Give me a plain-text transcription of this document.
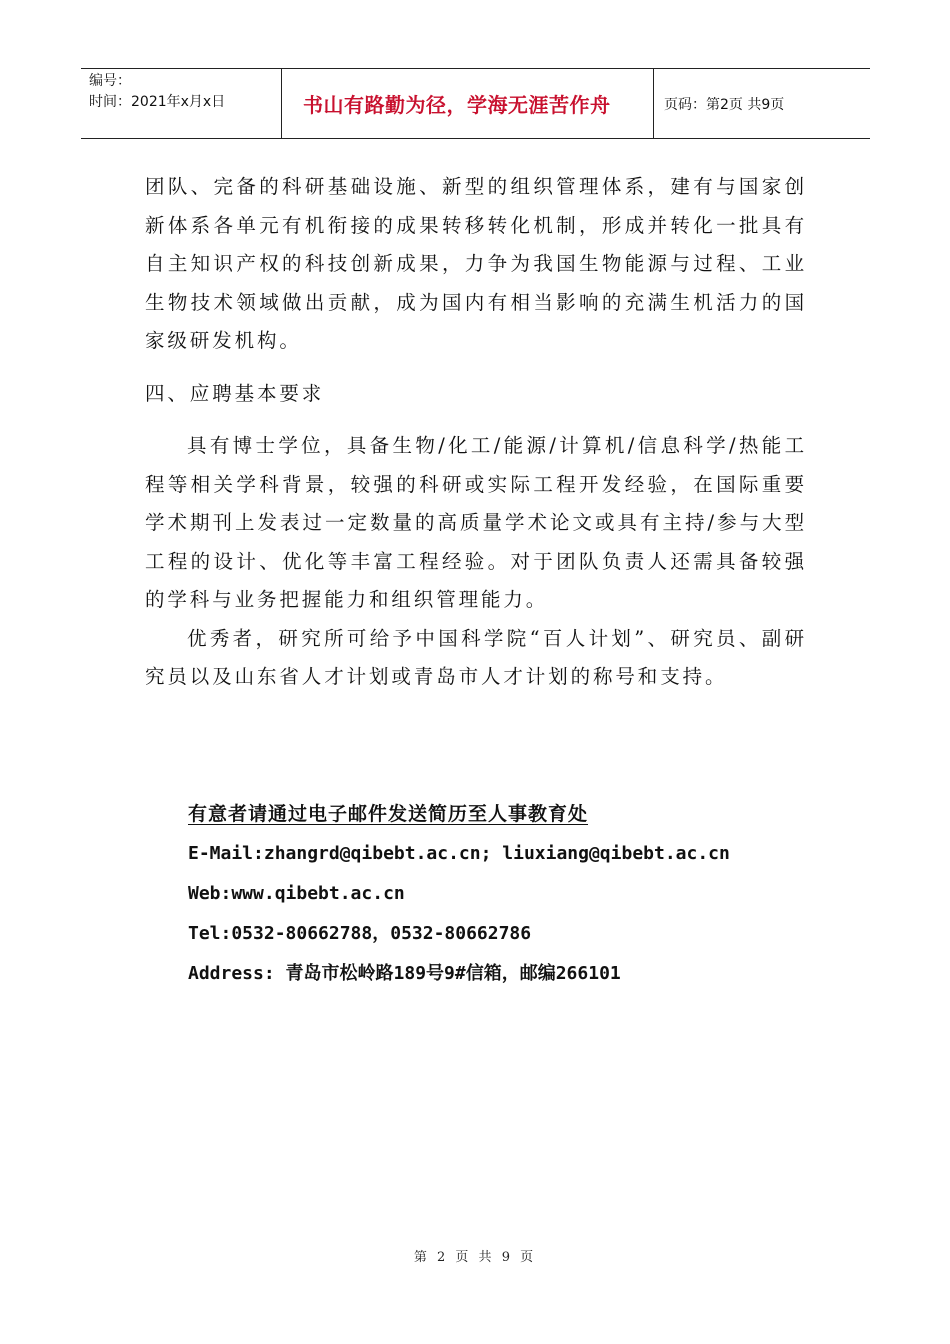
编号：
时间：2021年x月x日	书山有路勤为径，学海无涯苦作舟	页码：第2页 共9页

团队、完备的科研基础设施、新型的组织管理体系，建有与国家创新体系各单元有机衔接的成果转移转化机制，形成并转化一批具有自主知识产权的科技创新成果，力争为我国生物能源与过程、工业生物技术领域做出贡献，成为国内有相当影响的充满生机活力的国家级研发机构。

四、应聘基本要求

具有博士学位，具备生物/化工/能源/计算机/信息科学/热能工程等相关学科背景，较强的科研或实际工程开发经验，在国际重要学术期刊上发表过一定数量的高质量学术论文或具有主持/参与大型工程的设计、优化等丰富工程经验。对于团队负责人还需具备较强的学科与业务把握能力和组织管理能力。

优秀者，研究所可给予中国科学院“百人计划”、研究员、副研究员以及山东省人才计划或青岛市人才计划的称号和支持。

有意者请通过电子邮件发送简历至人事教育处
E-Mail:zhangrd@qibebt.ac.cn; liuxiang@qibebt.ac.cn
Web:www.qibebt.ac.cn
Tel:0532-80662788，0532-80662786
Address: 青岛市松岭路189号9#信箱，邮编266101
第 2 页 共 9 页
